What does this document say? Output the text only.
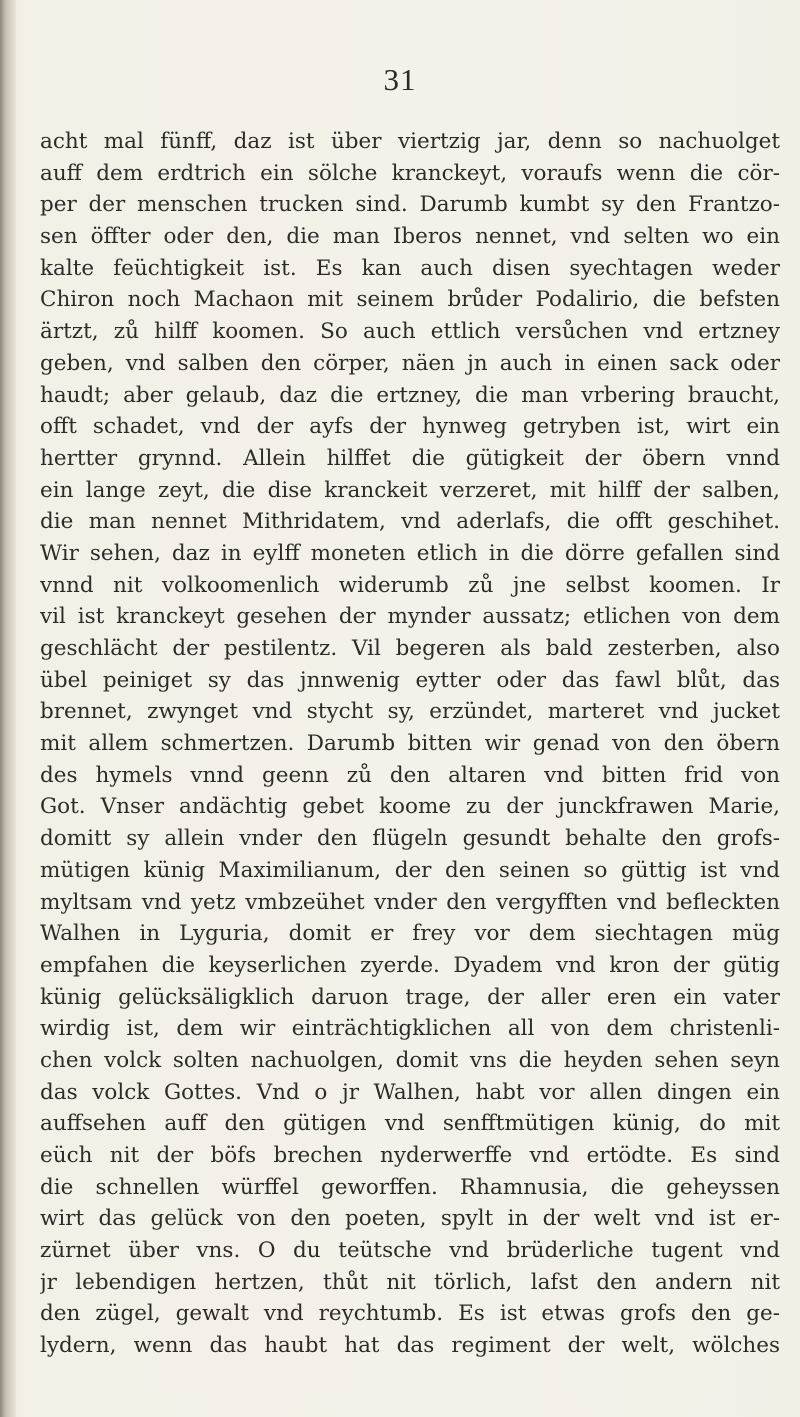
31
acht mal fünff, daz ist über viertzig jar, denn so nachuolget
auff dem erdtrich ein sölche kranckeyt, voraufs wenn die cör-
per der menschen trucken sind. Darumb kumbt sy den Frantzo-
sen öffter oder den, die man Iberos nennet, vnd selten wo ein
kalte feüchtigkeit ist. Es kan auch disen syechtagen weder
Chiron noch Machaon mit seinem brůder Podalirio, die befsten
ärtzt, zů hilff koomen. So auch ettlich versůchen vnd ertzney
geben, vnd salben den cörper, näen jn auch in einen sack oder
haudt; aber gelaub, daz die ertzney, die man vrbering braucht,
offt schadet, vnd der ayfs der hynweg getryben ist, wirt ein
hertter grynnd. Allein hilffet die gütigkeit der öbern vnnd
ein lange zeyt, die dise kranckeit verzeret, mit hilff der salben,
die man nennet Mithridatem, vnd aderlafs, die offt geschihet.
Wir sehen, daz in eylff moneten etlich in die dörre gefallen sind
vnnd nit volkoomenlich widerumb zů jne selbst koomen. Ir
vil ist kranckeyt gesehen der mynder aussatz; etlichen von dem
geschlächt der pestilentz. Vil begeren als bald zesterben, also
übel peiniget sy das jnnwenig eytter oder das fawl blůt, das
brennet, zwynget vnd stycht sy, erzündet, marteret vnd jucket
mit allem schmertzen. Darumb bitten wir genad von den öbern
des hymels vnnd geenn zů den altaren vnd bitten frid von
Got. Vnser andächtig gebet koome zu der junckfrawen Marie,
domitt sy allein vnder den flügeln gesundt behalte den grofs-
mütigen künig Maximilianum, der den seinen so güttig ist vnd
myltsam vnd yetz vmbzeühet vnder den vergyfften vnd befleckten
Walhen in Lyguria, domit er frey vor dem siechtagen müg
empfahen die keyserlichen zyerde. Dyadem vnd kron der gütig
künig gelücksäligklich daruon trage, der aller eren ein vater
wirdig ist, dem wir einträchtigklichen all von dem christenli-
chen volck solten nachuolgen, domit vns die heyden sehen seyn
das volck Gottes. Vnd o jr Walhen, habt vor allen dingen ein
auffsehen auff den gütigen vnd senfftmütigen künig, do mit
eüch nit der böfs brechen nyderwerffe vnd ertödte. Es sind
die schnellen würffel geworffen. Rhamnusia, die geheyssen
wirt das gelück von den poeten, spylt in der welt vnd ist er-
zürnet über vns. O du teütsche vnd brüderliche tugent vnd
jr lebendigen hertzen, thůt nit törlich, lafst den andern nit
den zügel, gewalt vnd reychtumb. Es ist etwas grofs den ge-
lydern, wenn das haubt hat das regiment der welt, wölches
